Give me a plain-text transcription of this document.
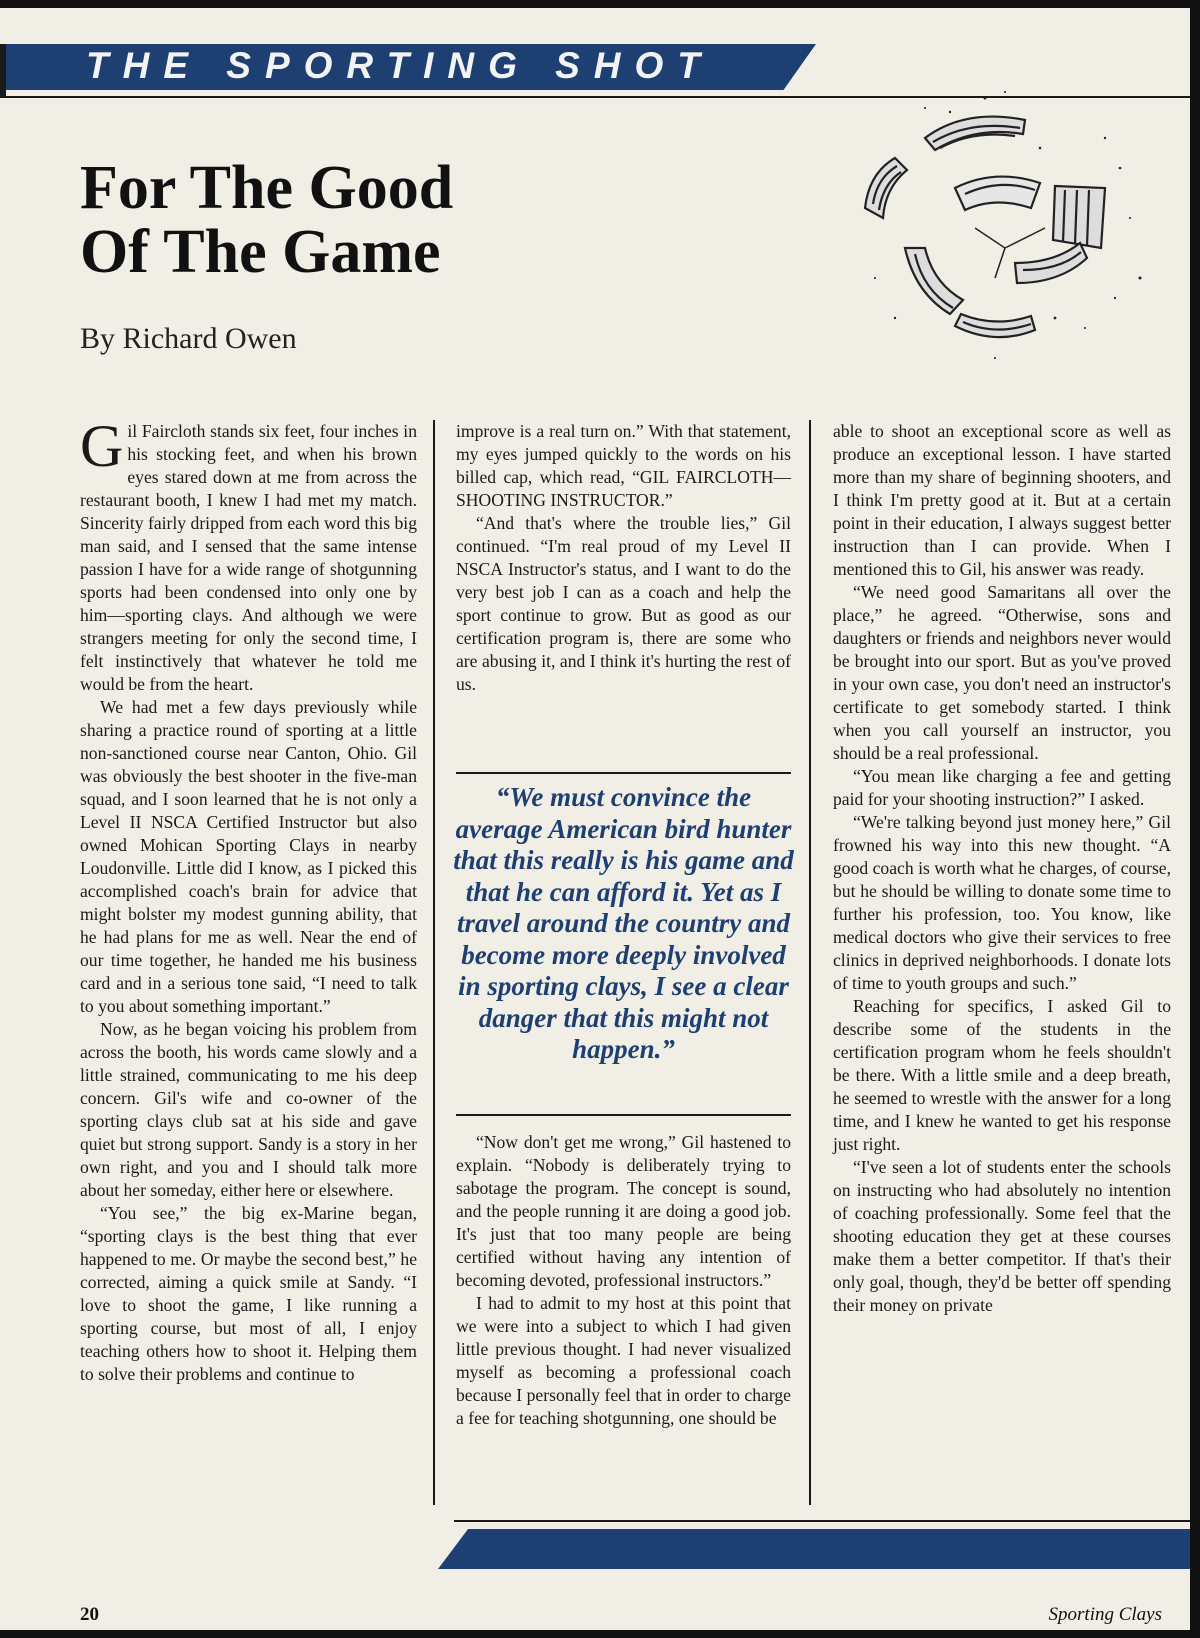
THE SPORTING SHOT
For The Good
Of The Game
By Richard Owen

Gil Faircloth stands six feet, four inches in his stocking feet, and when his brown eyes stared down at me from across the restaurant booth, I knew I had met my match. Sincerity fairly dripped from each word this big man said, and I sensed that the same intense passion I have for a wide range of shotgunning sports had been condensed into only one by him—sporting clays. And although we were strangers meeting for only the second time, I felt instinctively that whatever he told me would be from the heart.

We had met a few days previously while sharing a practice round of sporting at a little non-sanctioned course near Canton, Ohio. Gil was obviously the best shooter in the five-man squad, and I soon learned that he is not only a Level II NSCA Certified Instructor but also owned Mohican Sporting Clays in nearby Loudonville. Little did I know, as I picked this accomplished coach's brain for advice that might bolster my modest gunning ability, that he had plans for me as well. Near the end of our time together, he handed me his business card and in a serious tone said, “I need to talk to you about something important.”

Now, as he began voicing his problem from across the booth, his words came slowly and a little strained, communicating to me his deep concern. Gil's wife and co-owner of the sporting clays club sat at his side and gave quiet but strong support. Sandy is a story in her own right, and you and I should talk more about her someday, either here or elsewhere.

“You see,” the big ex-Marine began, “sporting clays is the best thing that ever happened to me. Or maybe the second best,” he corrected, aiming a quick smile at Sandy. “I love to shoot the game, I like running a sporting course, but most of all, I enjoy teaching others how to shoot it. Helping them to solve their problems and continue to

improve is a real turn on.” With that statement, my eyes jumped quickly to the words on his billed cap, which read, “GIL FAIRCLOTH—SHOOTING INSTRUCTOR.”

“And that's where the trouble lies,” Gil continued. “I'm real proud of my Level II NSCA Instructor's status, and I want to do the very best job I can as a coach and help the sport continue to grow. But as good as our certification program is, there are some who are abusing it, and I think it's hurting the rest of us.

“We must convince the average American bird hunter that this really is his game and that he can afford it. Yet as I travel around the country and become more deeply involved in sporting clays, I see a clear danger that this might not happen.”

“Now don't get me wrong,” Gil hastened to explain. “Nobody is deliberately trying to sabotage the program. The concept is sound, and the people running it are doing a good job. It's just that too many people are being certified without having any intention of becoming devoted, professional instructors.”

I had to admit to my host at this point that we were into a subject to which I had given little previous thought. I had never visualized myself as becoming a professional coach because I personally feel that in order to charge a fee for teaching shotgunning, one should be

able to shoot an exceptional score as well as produce an exceptional lesson. I have started more than my share of beginning shooters, and I think I'm pretty good at it. But at a certain point in their education, I always suggest better instruction than I can provide. When I mentioned this to Gil, his answer was ready.

“We need good Samaritans all over the place,” he agreed. “Otherwise, sons and daughters or friends and neighbors never would be brought into our sport. But as you've proved in your own case, you don't need an instructor's certificate to get somebody started. I think when you call yourself an instructor, you should be a real professional.

“You mean like charging a fee and getting paid for your shooting instruction?” I asked.

“We're talking beyond just money here,” Gil frowned his way into this new thought. “A good coach is worth what he charges, of course, but he should be willing to donate some time to further his profession, too. You know, like medical doctors who give their services to free clinics in deprived neighborhoods. I donate lots of time to youth groups and such.”

Reaching for specifics, I asked Gil to describe some of the students in the certification program whom he feels shouldn't be there. With a little smile and a deep breath, he seemed to wrestle with the answer for a long time, and I knew he wanted to get his response just right.

“I've seen a lot of students enter the schools on instructing who had absolutely no intention of coaching professionally. Some feel that the shooting education they get at these courses make them a better competitor. If that's their only goal, though, they'd be better off spending their money on private

20	Sporting Clays
